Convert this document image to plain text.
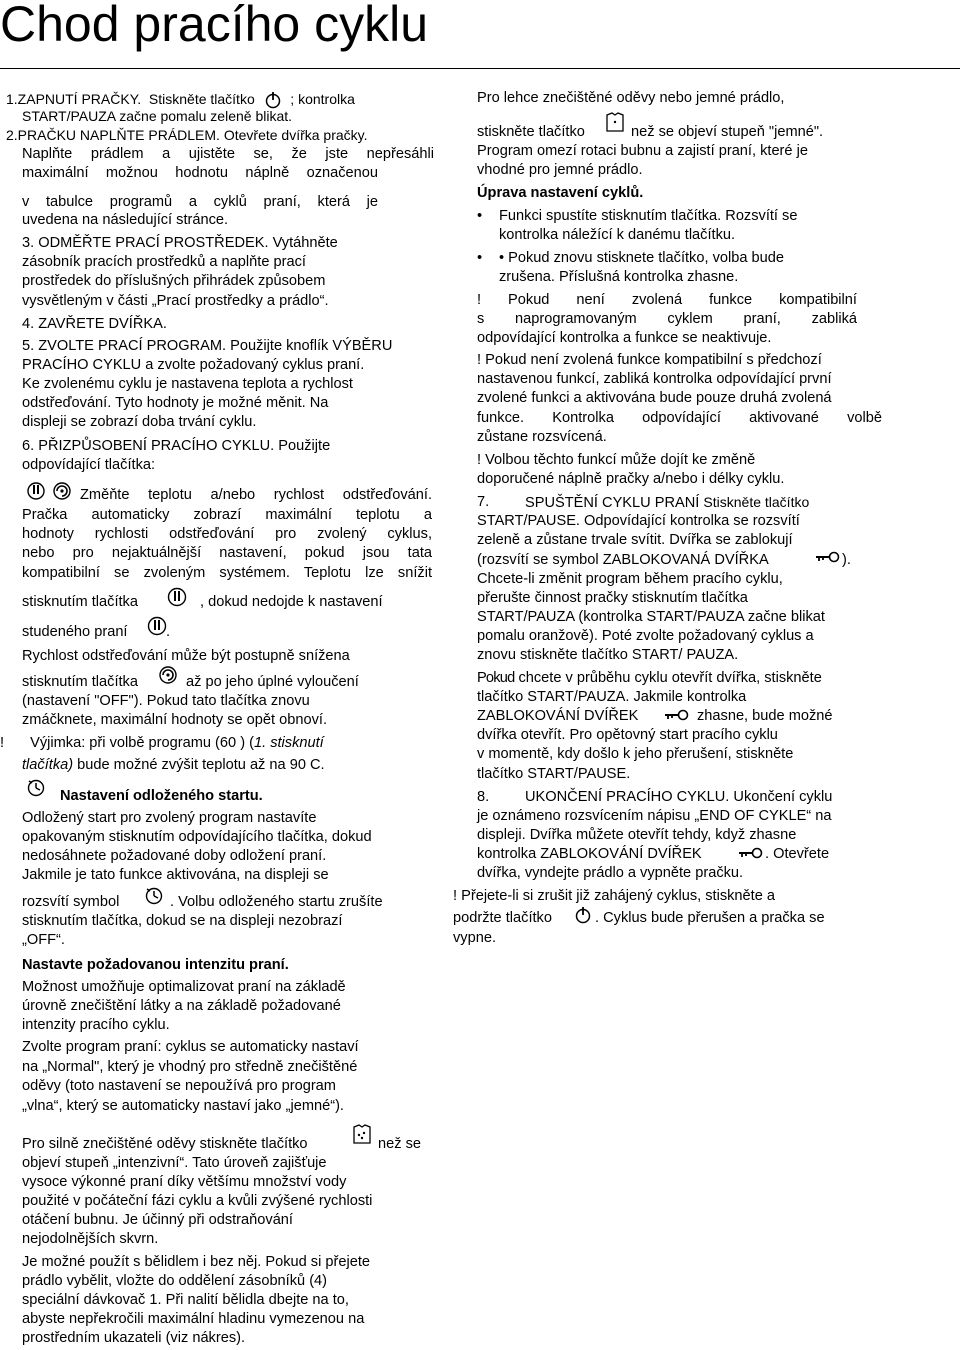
Chod pracího cyklu
1.ZAPNUTÍ PRAČKY. Stiskněte tlačítko	; kontrolka
START/PAUZA začne pomalu zeleně blikat.
2.PRAČKU NAPLŇTE PRÁDLEM. Otevřete dvířka pračky.
Naplňte prádlem a ujistěte se, že jste nepřesáhli
maximální možnou hodnotu náplně označenou
v tabulce programů a cyklů praní, která je
uvedena na následující stránce.
3. ODMĚŘTE PRACÍ PROSTŘEDEK. Vytáhněte
zásobník pracích prostředků a naplňte prací
prostředek do příslušných přihrádek způsobem
vysvětleným v části „Prací prostředky a prádlo“.
4. ZAVŘETE DVÍŘKA.
5. ZVOLTE PRACÍ PROGRAM. Použijte knoflík VÝBĚRU
PRACÍHO CYKLU a zvolte požadovaný cyklus praní.
Ke zvolenému cyklu je nastavena teplota a rychlost
odstřeďování. Tyto hodnoty je možné měnit. Na
displeji se zobrazí doba trvání cyklu.
6. PŘIZPŮSOBENÍ PRACÍHO CYKLU. Použijte
odpovídající tlačítka:
Změňte teplotu a/nebo rychlost odstřeďování.
Pračka automaticky zobrazí maximální teplotu a
hodnoty rychlosti odstřeďování pro zvolený cyklus,
nebo pro nejaktuálnější nastavení, pokud jsou tata
kompatibilní se zvoleným systémem. Teplotu lze snížit
stisknutím tlačítka	, dokud nedojde k nastavení
studeného praní	.
Rychlost odstřeďování může být postupně snížena
stisknutím tlačítka	až po jeho úplné vyloučení
(nastavení "OFF"). Pokud tato tlačítka znovu
zmáčknete, maximální hodnoty se opět obnoví.
!	Výjimka: při volbě programu (60 ) (1. stisknutí
tlačítka) bude možné zvýšit teplotu až na 90 C.
Nastavení odloženého startu.
Odložený start pro zvolený program nastavíte
opakovaným stisknutím odpovídajícího tlačítka, dokud
nedosáhnete požadované doby odložení praní.
Jakmile je tato funkce aktivována, na displeji se
rozsvítí symbol	. Volbu odloženého startu zrušíte
stisknutím tlačítka, dokud se na displeji nezobrazí
„OFF“.
Nastavte požadovanou intenzitu praní.
Možnost umožňuje optimalizovat praní na základě
úrovně znečištění látky a na základě požadované
intenzity pracího cyklu.
Zvolte program praní: cyklus se automaticky nastaví
na „Normal", který je vhodný pro středně znečištěné
oděvy (toto nastavení se nepoužívá pro program
„vlna“, který se automaticky nastaví jako „jemné“).
Pro silně znečištěné oděvy stiskněte tlačítko	než se
objeví stupeň „intenzivní“. Tato úroveň zajišťuje
vysoce výkonné praní díky většímu množství vody
použité v počáteční fázi cyklu a kvůli zvýšené rychlosti
otáčení bubnu. Je účinný při odstraňování
nejodolnějších skvrn.
Je možné použít s bělidlem i bez něj. Pokud si přejete
prádlo vybělit, vložte do oddělení zásobníků (4)
speciální dávkovač 1. Při nalití bělidla dbejte na to,
abyste nepřekročili maximální hladinu vymezenou na
prostředním ukazateli (viz nákres).
Pro lehce znečištěné oděvy nebo jemné prádlo,
stiskněte tlačítko	než se objeví stupeň "jemné".
Program omezí rotaci bubnu a zajistí praní, které je
vhodné pro jemné prádlo.
Úprava nastavení cyklů.
• Funkci spustíte stisknutím tlačítka. Rozsvítí se
kontrolka náležící k danému tlačítku.
• • Pokud znovu stisknete tlačítko, volba bude
zrušena. Příslušná kontrolka zhasne.
! Pokud není zvolená funkce kompatibilní
s naprogramovaným cyklem praní, zabliká
odpovídající kontrolka a funkce se neaktivuje.
! Pokud není zvolená funkce kompatibilní s předchozí
nastavenou funkcí, zabliká kontrolka odpovídající první
zvolené funkci a aktivována bude pouze druhá zvolená
funkce. Kontrolka odpovídající aktivované volbě
zůstane rozsvícená.
! Volbou těchto funkcí může dojít ke změně
doporučené náplně pračky a/nebo i délky cyklu.
7. SPUŠTĚNÍ CYKLU PRANÍ Stiskněte tlačítko
START/PAUSE. Odpovídající kontrolka se rozsvítí
zeleně a zůstane trvale svítit. Dvířka se zablokují
(rozsvítí se symbol ZABLOKOVANÁ DVÍŘKA	).
Chcete-li změnit program během pracího cyklu,
přerušte činnost pračky stisknutím tlačítka
START/PAUZA (kontrolka START/PAUZA začne blikat
pomalu oranžově). Poté zvolte požadovaný cyklus a
znovu stiskněte tlačítko START/ PAUZA.
Pokud chcete v průběhu cyklu otevřít dvířka, stiskněte
tlačítko START/PAUZA. Jakmile kontrolka
ZABLOKOVÁNÍ DVÍŘEK	zhasne, bude možné
dvířka otevřít. Pro opětovný start pracího cyklu
v momentě, kdy došlo k jeho přerušení, stiskněte
tlačítko START/PAUSE.
8. UKONČENÍ PRACÍHO CYKLU. Ukončení cyklu
je oznámeno rozsvícením nápisu „END OF CYKLE“ na
displeji. Dvířka můžete otevřít tehdy, když zhasne
kontrolka ZABLOKOVÁNÍ DVÍŘEK	. Otevřete
dvířka, vyndejte prádlo a vypněte pračku.
! Přejete-li si zrušit již zahájený cyklus, stiskněte a
podržte tlačítko	. Cyklus bude přerušen a pračka se
vypne.
